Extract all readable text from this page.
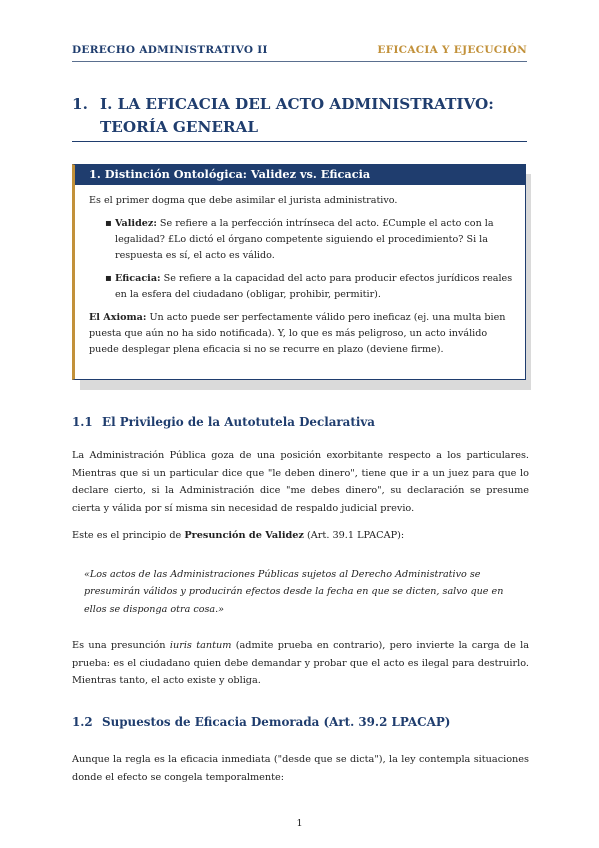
DERECHO ADMINISTRATIVO II	EFICACIA Y EJECUCIÓN
1. I. LA EFICACIA DEL ACTO ADMINISTRATIVO: TEORÍA GENERAL
1. Distinción Ontológica: Validez vs. Eficacia

Es el primer dogma que debe asimilar el jurista administrativo.

▪ Validez: Se refiere a la perfección intrínseca del acto. £Cumple el acto con la legalidad? £Lo dictó el órgano competente siguiendo el procedimiento? Si la respuesta es sí, el acto es válido.
▪ Eficacia: Se refiere a la capacidad del acto para producir efectos jurídicos reales en la esfera del ciudadano (obligar, prohibir, permitir).

El Axioma: Un acto puede ser perfectamente válido pero ineficaz (ej. una multa bien puesta que aún no ha sido notificada). Y, lo que es más peligroso, un acto inválido puede desplegar plena eficacia si no se recurre en plazo (deviene firme).

1.1 El Privilegio de la Autotutela Declarativa
La Administración Pública goza de una posición exorbitante respecto a los particulares. Mientras que si un particular dice que "le deben dinero", tiene que ir a un juez para que lo declare cierto, si la Administración dice "me debes dinero", su declaración se presume cierta y válida por sí misma sin necesidad de respaldo judicial previo.
Este es el principio de Presunción de Validez (Art. 39.1 LPACAP):
«Los actos de las Administraciones Públicas sujetos al Derecho Administrativo se presumirán válidos y producirán efectos desde la fecha en que se dicten, salvo que en ellos se disponga otra cosa.»
Es una presunción iuris tantum (admite prueba en contrario), pero invierte la carga de la prueba: es el ciudadano quien debe demandar y probar que el acto es ilegal para destruirlo. Mientras tanto, el acto existe y obliga.
1.2 Supuestos de Eficacia Demorada (Art. 39.2 LPACAP)
Aunque la regla es la eficacia inmediata ("desde que se dicta"), la ley contempla situaciones donde el efecto se congela temporalmente:
1
